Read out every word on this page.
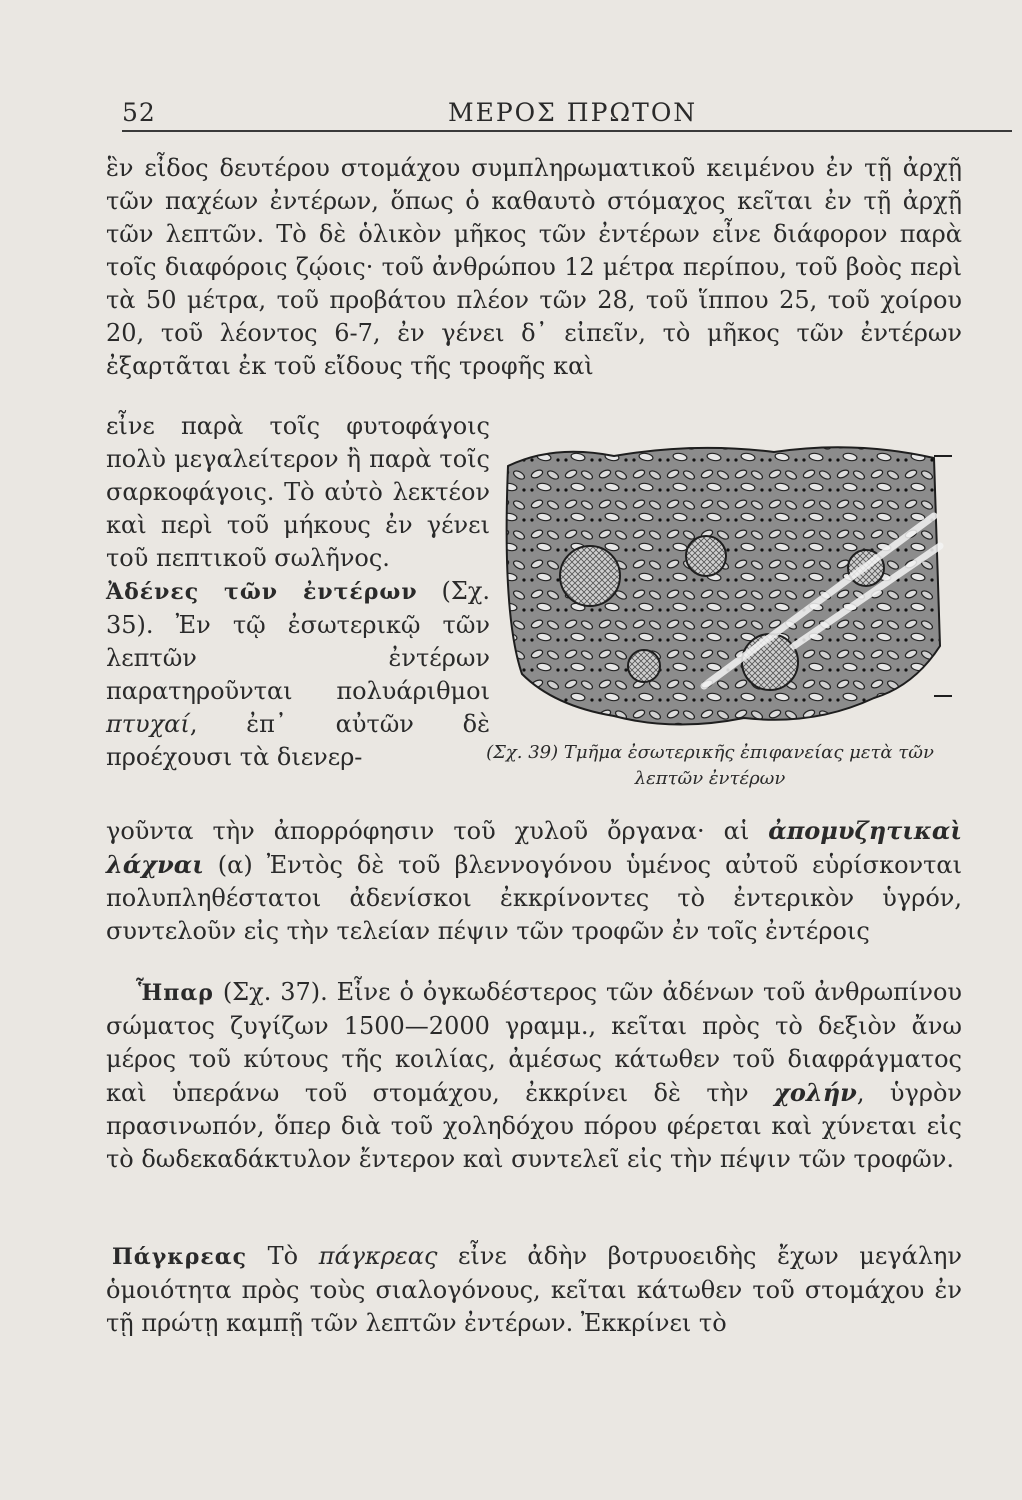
52	ΜΕΡΟΣ ΠΡΩΤΟΝ

ἓν εἶδος δευτέρου στομάχου συμπληρωματικοῦ κειμένου ἐν τῇ ἀρχῇ τῶν παχέων ἐντέρων, ὅπως ὁ καθαυτὸ στόμαχος κεῖται ἐν τῇ ἀρχῇ τῶν λεπτῶν. Τὸ δὲ ὁλικὸν μῆκος τῶν ἐντέρων εἶνε διάφορον παρὰ τοῖς διαφόροις ζῴοις· τοῦ ἀνθρώπου 12 μέτρα περίπου, τοῦ βοὸς περὶ τὰ 50 μέτρα, τοῦ προβάτου πλέον τῶν 28, τοῦ ἵππου 25, τοῦ χοίρου 20, τοῦ λέοντος 6-7, ἐν γένει δ᾽ εἰπεῖν, τὸ μῆκος τῶν ἐντέρων ἐξαρτᾶται ἐκ τοῦ εἴδους τῆς τροφῆς καὶ

εἶνε παρὰ τοῖς φυτοφάγοις πολὺ μεγαλείτερον ἢ παρὰ τοῖς σαρκοφάγοις. Τὸ αὐτὸ λεκτέον καὶ περὶ τοῦ μήκους ἐν γένει τοῦ πεπτικοῦ σωλῆνος.
Ἀδένες τῶν ἐντέρων (Σχ. 35). Ἐν τῷ ἐσωτερικῷ τῶν λεπτῶν ἐντέρων παρατηροῦνται πολυάριθμοι πτυχαί, ἐπ᾽ αὐτῶν δὲ προέχουσι τὰ διενερ-	(Σχ. 39) Τμῆμα ἐσωτερικῆς ἐπιφανείας μετὰ τῶν λεπτῶν ἐντέρων

γοῦντα τὴν ἀπορρόφησιν τοῦ χυλοῦ ὄργανα· αἱ ἀπομυζητικαὶ λάχναι (α) Ἐντὸς δὲ τοῦ βλεννογόνου ὑμένος αὐτοῦ εὑρίσκονται πολυπληθέστατοι ἀδενίσκοι ἐκκρίνοντες τὸ ἐντερικὸν ὑγρόν, συντελοῦν εἰς τὴν τελείαν πέψιν τῶν τροφῶν ἐν τοῖς ἐντέροις

Ἧπαρ (Σχ. 37). Εἶνε ὁ ὀγκωδέστερος τῶν ἀδένων τοῦ ἀνθρωπίνου σώματος ζυγίζων 1500—2000 γραμμ., κεῖται πρὸς τὸ δεξιὸν ἄνω μέρος τοῦ κύτους τῆς κοιλίας, ἀμέσως κάτωθεν τοῦ διαφράγματος καὶ ὑπεράνω τοῦ στομάχου, ἐκκρίνει δὲ τὴν χολήν, ὑγρὸν πρασινωπόν, ὅπερ διὰ τοῦ χοληδόχου πόρου φέρεται καὶ χύνεται εἰς τὸ δωδεκαδάκτυλον ἔντερον καὶ συντελεῖ εἰς τὴν πέψιν τῶν τροφῶν.

Πάγκρεας Τὸ πάγκρεας εἶνε ἀδὴν βοτρυοειδὴς ἔχων μεγάλην ὁμοιότητα πρὸς τοὺς σιαλογόνους, κεῖται κάτωθεν τοῦ στομάχου ἐν τῇ πρώτῃ καμπῇ τῶν λεπτῶν ἐντέρων. Ἐκκρίνει τὸ
